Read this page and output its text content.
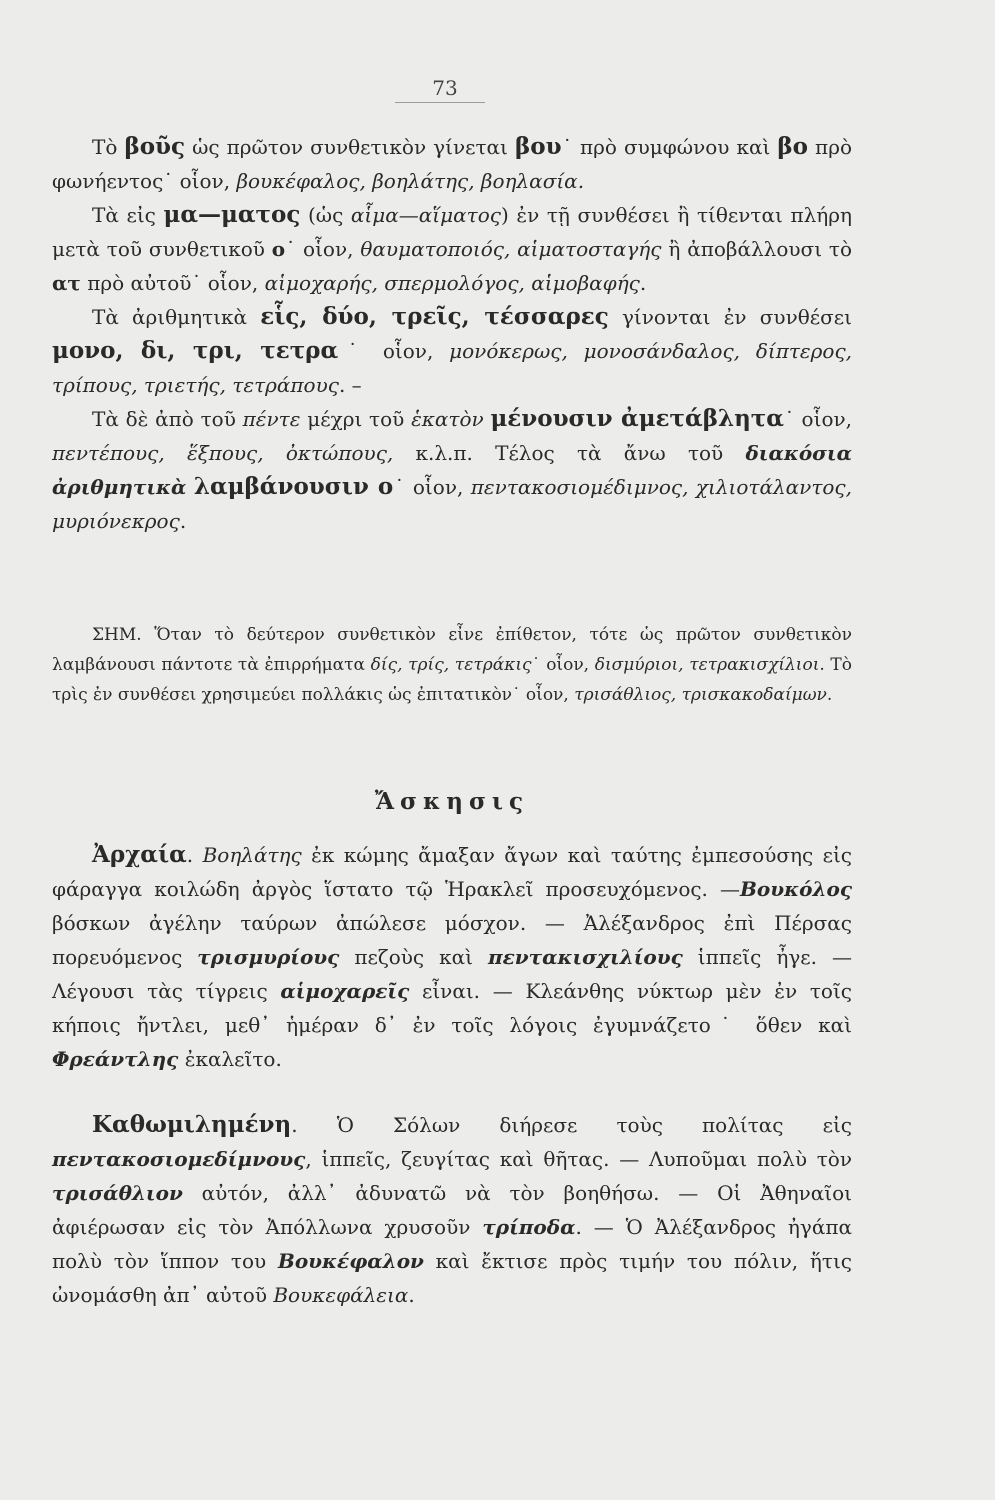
73

Τὸ βοῦς ὡς πρῶτον συνθετικὸν γίνεται βου˙ πρὸ συμφώνου καὶ βο πρὸ φωνήεντος˙ οἷον, βουκέφαλος, βοηλάτης, βοηλασία.

Τὰ εἰς μα—ματος (ὡς αἷμα—αἵματος) ἐν τῇ συνθέσει ἢ τίθενται πλήρη μετὰ τοῦ συνθετικοῦ ο˙ οἷον, θαυματοποιός, αἱματοσταγής ἢ ἀποβάλλουσι τὸ ατ πρὸ αὐτοῦ˙ οἷον, αἱμοχαρής, σπερμολόγος, αἱμοβαφής.

Τὰ ἀριθμητικὰ εἷς, δύο, τρεῖς, τέσσαρες γίνονται ἐν συνθέσει μονο, δι, τρι, τετρα˙ οἷον, μονόκερως, μονοσάνδαλος, δίπτερος, τρίπους, τριετής, τετράπους. –

Τὰ δὲ ἀπὸ τοῦ πέντε μέχρι τοῦ ἑκατὸν μένουσιν ἀμετάβλητα˙ οἷον, πεντέπους, ἕξπους, ὀκτώπους, κ.λ.π. Τέλος τὰ ἄνω τοῦ διακόσια ἀριθμητικὰ λαμβάνουσιν ο˙ οἷον, πεντακοσιομέδιμνος, χιλιοτάλαντος, μυριόνεκρος.

ΣΗΜ. Ὅταν τὸ δεύτερον συνθετικὸν εἶνε ἐπίθετον, τότε ὡς πρῶτον συνθετικὸν λαμβάνουσι πάντοτε τὰ ἐπιρρήματα δίς, τρίς, τετράκις˙ οἷον, δισμύριοι, τετρακισχίλιοι. Τὸ τρὶς ἐν συνθέσει χρησιμεύει πολλάκις ὡς ἐπιτατικὸν˙ οἷον, τρισάθλιος, τρισκακοδαίμων.

Ἄσκησις

Ἀρχαία. Βοηλάτης ἐκ κώμης ἄμαξαν ἄγων καὶ ταύτης ἐμπεσούσης εἰς φάραγγα κοιλώδη ἀργὸς ἵστατο τῷ Ἡρακλεῖ προσευχόμενος. —Βουκόλος βόσκων ἀγέλην ταύρων ἀπώλεσε μόσχον. — Ἀλέξανδρος ἐπὶ Πέρσας πορευόμενος τρισμυρίους πεζοὺς καὶ πεντακισχιλίους ἱππεῖς ἦγε. — Λέγουσι τὰς τίγρεις αἱμοχαρεῖς εἶναι. — Κλεάνθης νύκτωρ μὲν ἐν τοῖς κήποις ἤντλει, μεθ᾽ ἡμέραν δ᾽ ἐν τοῖς λόγοις ἐγυμνάζετο˙ ὅθεν καὶ Φρεάντλης ἐκαλεῖτο.

Καθωμιλημένη. Ὁ Σόλων διήρεσε τοὺς πολίτας εἰς πεντακοσιομεδίμνους, ἱππεῖς, ζευγίτας καὶ θῆτας. — Λυποῦμαι πολὺ τὸν τρισάθλιον αὐτόν, ἀλλ᾽ ἀδυνατῶ νὰ τὸν βοηθήσω. — Οἱ Ἀθηναῖοι ἀφιέρωσαν εἰς τὸν Ἀπόλλωνα χρυσοῦν τρίποδα. — Ὁ Ἀλέξανδρος ἠγάπα πολὺ τὸν ἵππον του Βουκέφαλον καὶ ἔκτισε πρὸς τιμήν του πόλιν, ἥτις ὠνομάσθη ἀπ᾽ αὐτοῦ Βουκεφάλεια.
